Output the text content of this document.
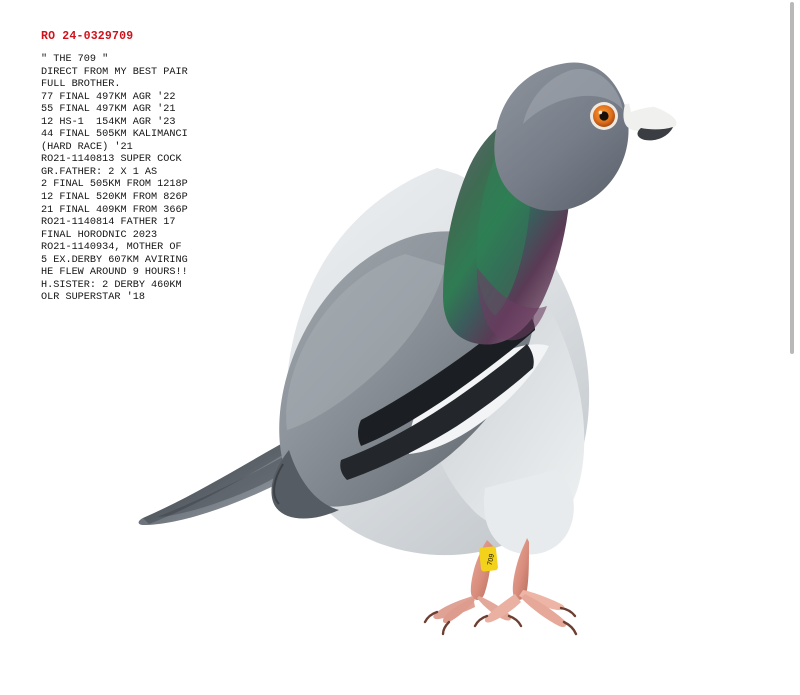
RO 24-0329709
" THE 709 "
DIRECT FROM MY BEST PAIR
FULL BROTHER.
77 FINAL 497KM AGR '22
55 FINAL 497KM AGR '21
12 HS-1  154KM AGR '23
44 FINAL 505KM KALIMANCI
(HARD RACE) '21
RO21-1140813 SUPER COCK
GR.FATHER: 2 X 1 AS
2 FINAL 505KM FROM 1218P
12 FINAL 520KM FROM 826P
21 FINAL 409KM FROM 366P
RO21-1140814 FATHER 17
FINAL HORODNIC 2023
RO21-1140934, MOTHER OF
5 EX.DERBY 607KM AVIRING
HE FLEW AROUND 9 HOURS!!
H.SISTER: 2 DERBY 460KM
OLR SUPERSTAR '18
709
